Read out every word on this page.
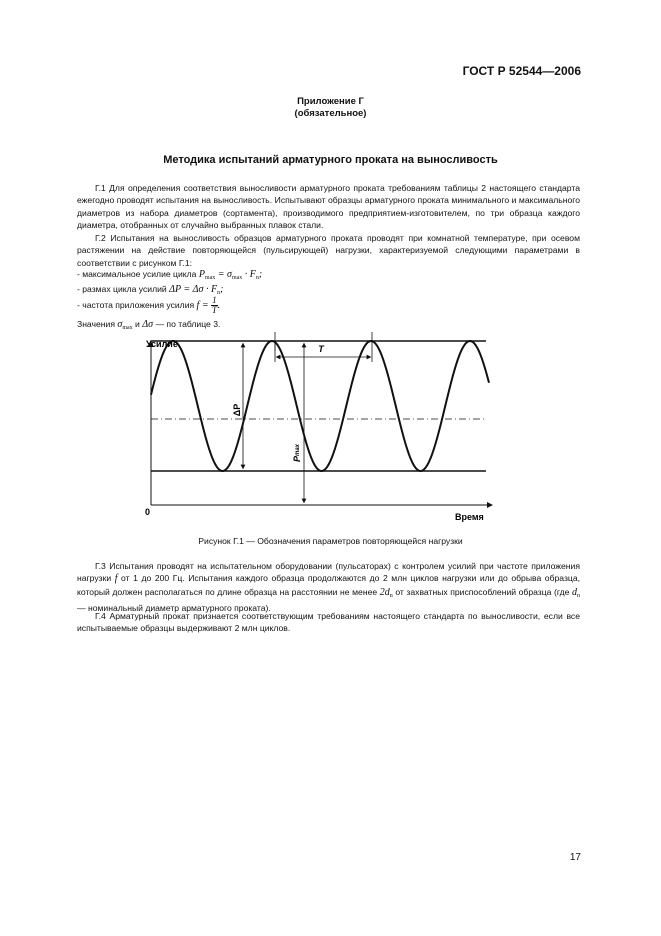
ГОСТ Р 52544—2006
Приложение Г
(обязательное)
Методика испытаний арматурного проката на выносливость
Г.1 Для определения соответствия выносливости арматурного проката требованиям таблицы 2 настоящего стандарта ежегодно проводят испытания на выносливость. Испытывают образцы арматурного проката минимального и максимального диаметров из набора диаметров (сортамента), производимого предприятием-изготовителем, по три образца каждого диаметра, отобранных от случайно выбранных плавок стали.
Г.2 Испытания на выносливость образцов арматурного проката проводят при комнатной температуре, при осевом растяжении на действие повторяющейся (пульсирующей) нагрузки, характеризуемой следующими параметрами в соответствии с рисунком Г.1:
- максимальное усилие цикла $P_{max} = \sigma_{max} \cdot F_n$;
- размах цикла усилий $\Delta P = \Delta\sigma \cdot F_n$;
- частота приложения усилия $f = \frac{1}{T}$ .
Значения $\sigma_{max}$ и Δσ — по таблице 3.
T
ΔP
Pmax
Усилие
Время
0
Рисунок Г.1 — Обозначения параметров повторяющейся нагрузки
Г.3 Испытания проводят на испытательном оборудовании (пульсаторах) с контролем усилий при частоте приложения нагрузки f от 1 до 200 Гц. Испытания каждого образца продолжаются до 2 млн циклов нагрузки или до обрыва образца, который должен располагаться по длине образца на расстоянии не менее $2d_n$ от захватных приспособлений образца (где $d_n$ — номинальный диаметр арматурного проката).
Г.4 Арматурный прокат признается соответствующим требованиям настоящего стандарта по выносливости, если все испытываемые образцы выдерживают 2 млн циклов.
17
